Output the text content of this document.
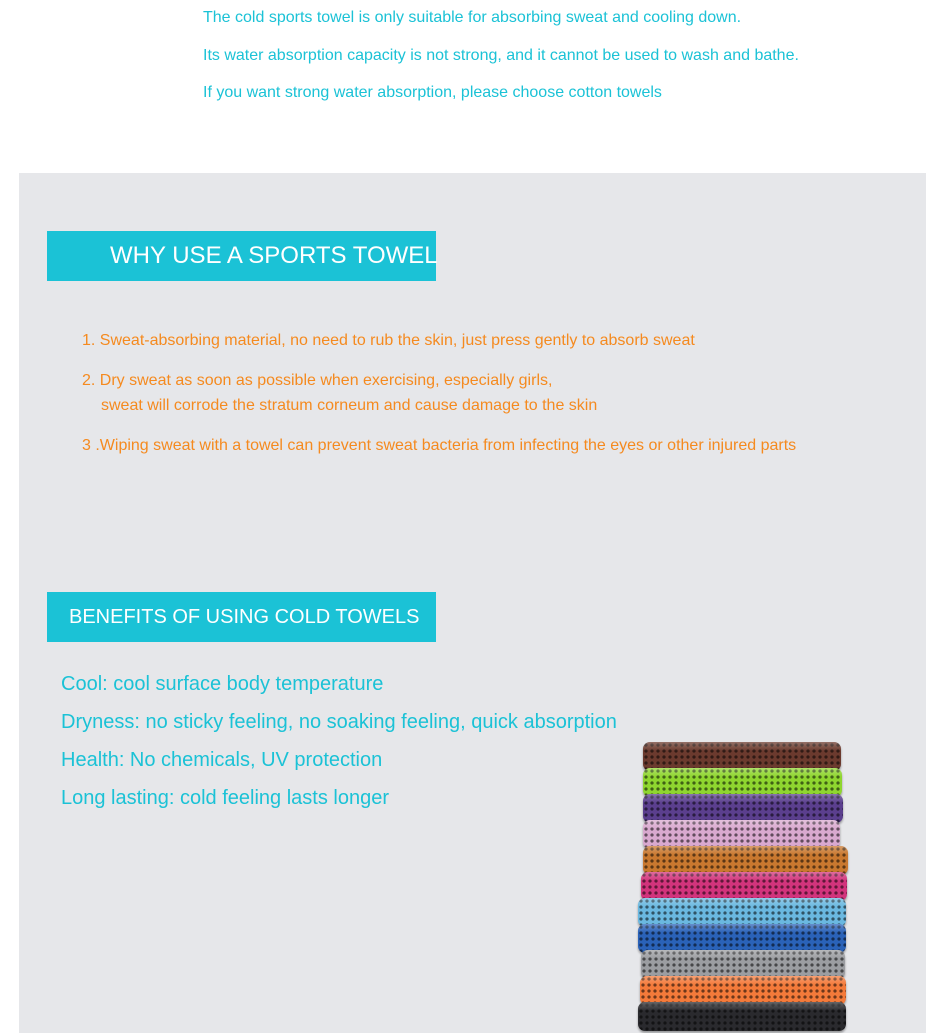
The cold sports towel is only suitable for absorbing sweat and cooling down.
Its water absorption capacity is not strong, and it cannot be used to wash and bathe.
If you want strong water absorption, please choose cotton towels
WHY USE A SPORTS TOWEL
1. Sweat-absorbing material, no need to rub the skin, just press gently to absorb sweat
2. Dry sweat as soon as possible when exercising, especially girls,
sweat will corrode the stratum corneum and cause damage to the skin
3 .Wiping sweat with a towel can prevent sweat bacteria from infecting the eyes or other injured parts
BENEFITS OF USING COLD TOWELS
Cool: cool surface body temperature
Dryness: no sticky feeling, no soaking feeling, quick absorption
Health: No chemicals, UV protection
Long lasting: cold feeling lasts longer
